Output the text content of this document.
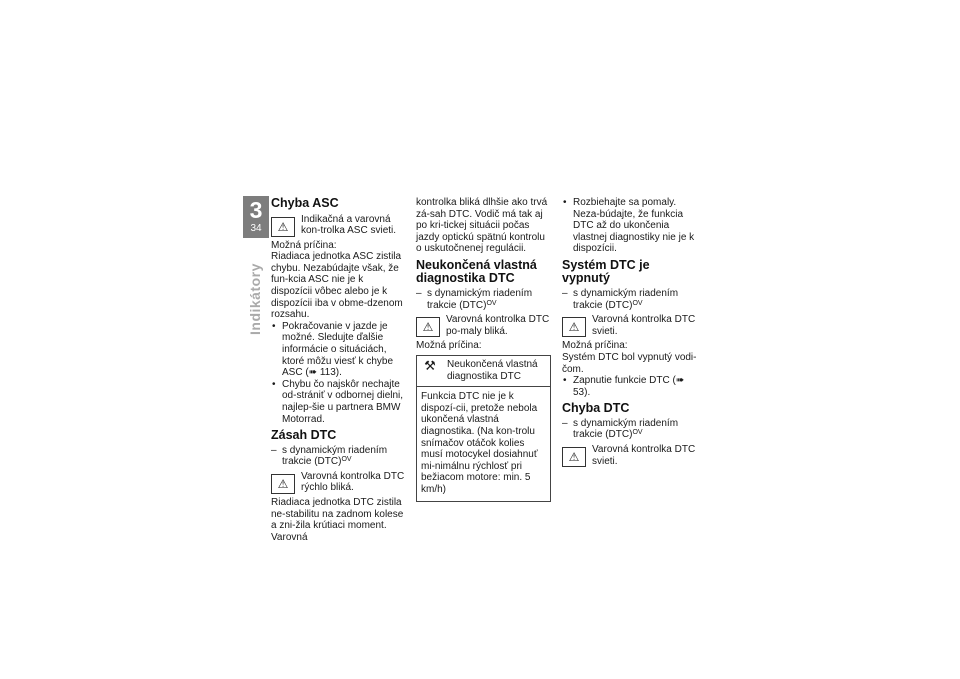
3
34
Indikátory
Chyba ASC
⚠
Indikačná a varovná kon-trolka ASC svieti.

Možná príčina:

Riadiaca jednotka ASC zistila chybu. Nezabúdajte však, že fun-kcia ASC nie je k dispozícii vôbec alebo je k dispozícii iba v obme-dzenom rozsahu.

• Pokračovanie v jazde je možné. Sledujte ďalšie informácie o situáciách, ktoré môžu viesť k chybe ASC (➠ 113).

• Chybu čo najskôr nechajte od-strániť v odbornej dielni, najlep-šie u partnera BMW Motorrad.

Zásah DTC

– s dynamickým riadením trakcie (DTC)$^{OV}$

⚠
Varovná kontrolka DTC rýchlo bliká.

Riadiaca jednotka DTC zistila ne-stabilitu na zadnom kolese a zni-žila krútiaci moment. Varovná

kontrolka bliká dlhšie ako trvá zá-sah DTC. Vodič má tak aj po kri-tickej situácii počas jazdy optickú spätnú kontrolu o uskutočnenej regulácii.

Neukončená vlastná diagnostika DTC

– s dynamickým riadením trakcie (DTC)$^{OV}$

⚠
Varovná kontrolka DTC po-maly bliká.

Možná príčina:

⚒	Neukončená vlastná diagnostika DTC
Funkcia DTC nie je k dispozí-cii, pretože nebola ukončená vlastná diagnostika. (Na kon-trolu snímačov otáčok kolies musí motocykel dosiahnuť mi-nimálnu rýchlosť pri bežiacom motore: min. 5 km/h)

• Rozbiehajte sa pomaly. Neza-búdajte, že funkcia DTC až do ukončenia vlastnej diagnostiky nie je k dispozícii.

Systém DTC je vypnutý

– s dynamickým riadením trakcie (DTC)$^{OV}$

⚠
Varovná kontrolka DTC svieti.

Možná príčina:

Systém DTC bol vypnutý vodi-čom.

• Zapnutie funkcie DTC (➠ 53).

Chyba DTC

– s dynamickým riadením trakcie (DTC)$^{OV}$

⚠
Varovná kontrolka DTC svieti.
